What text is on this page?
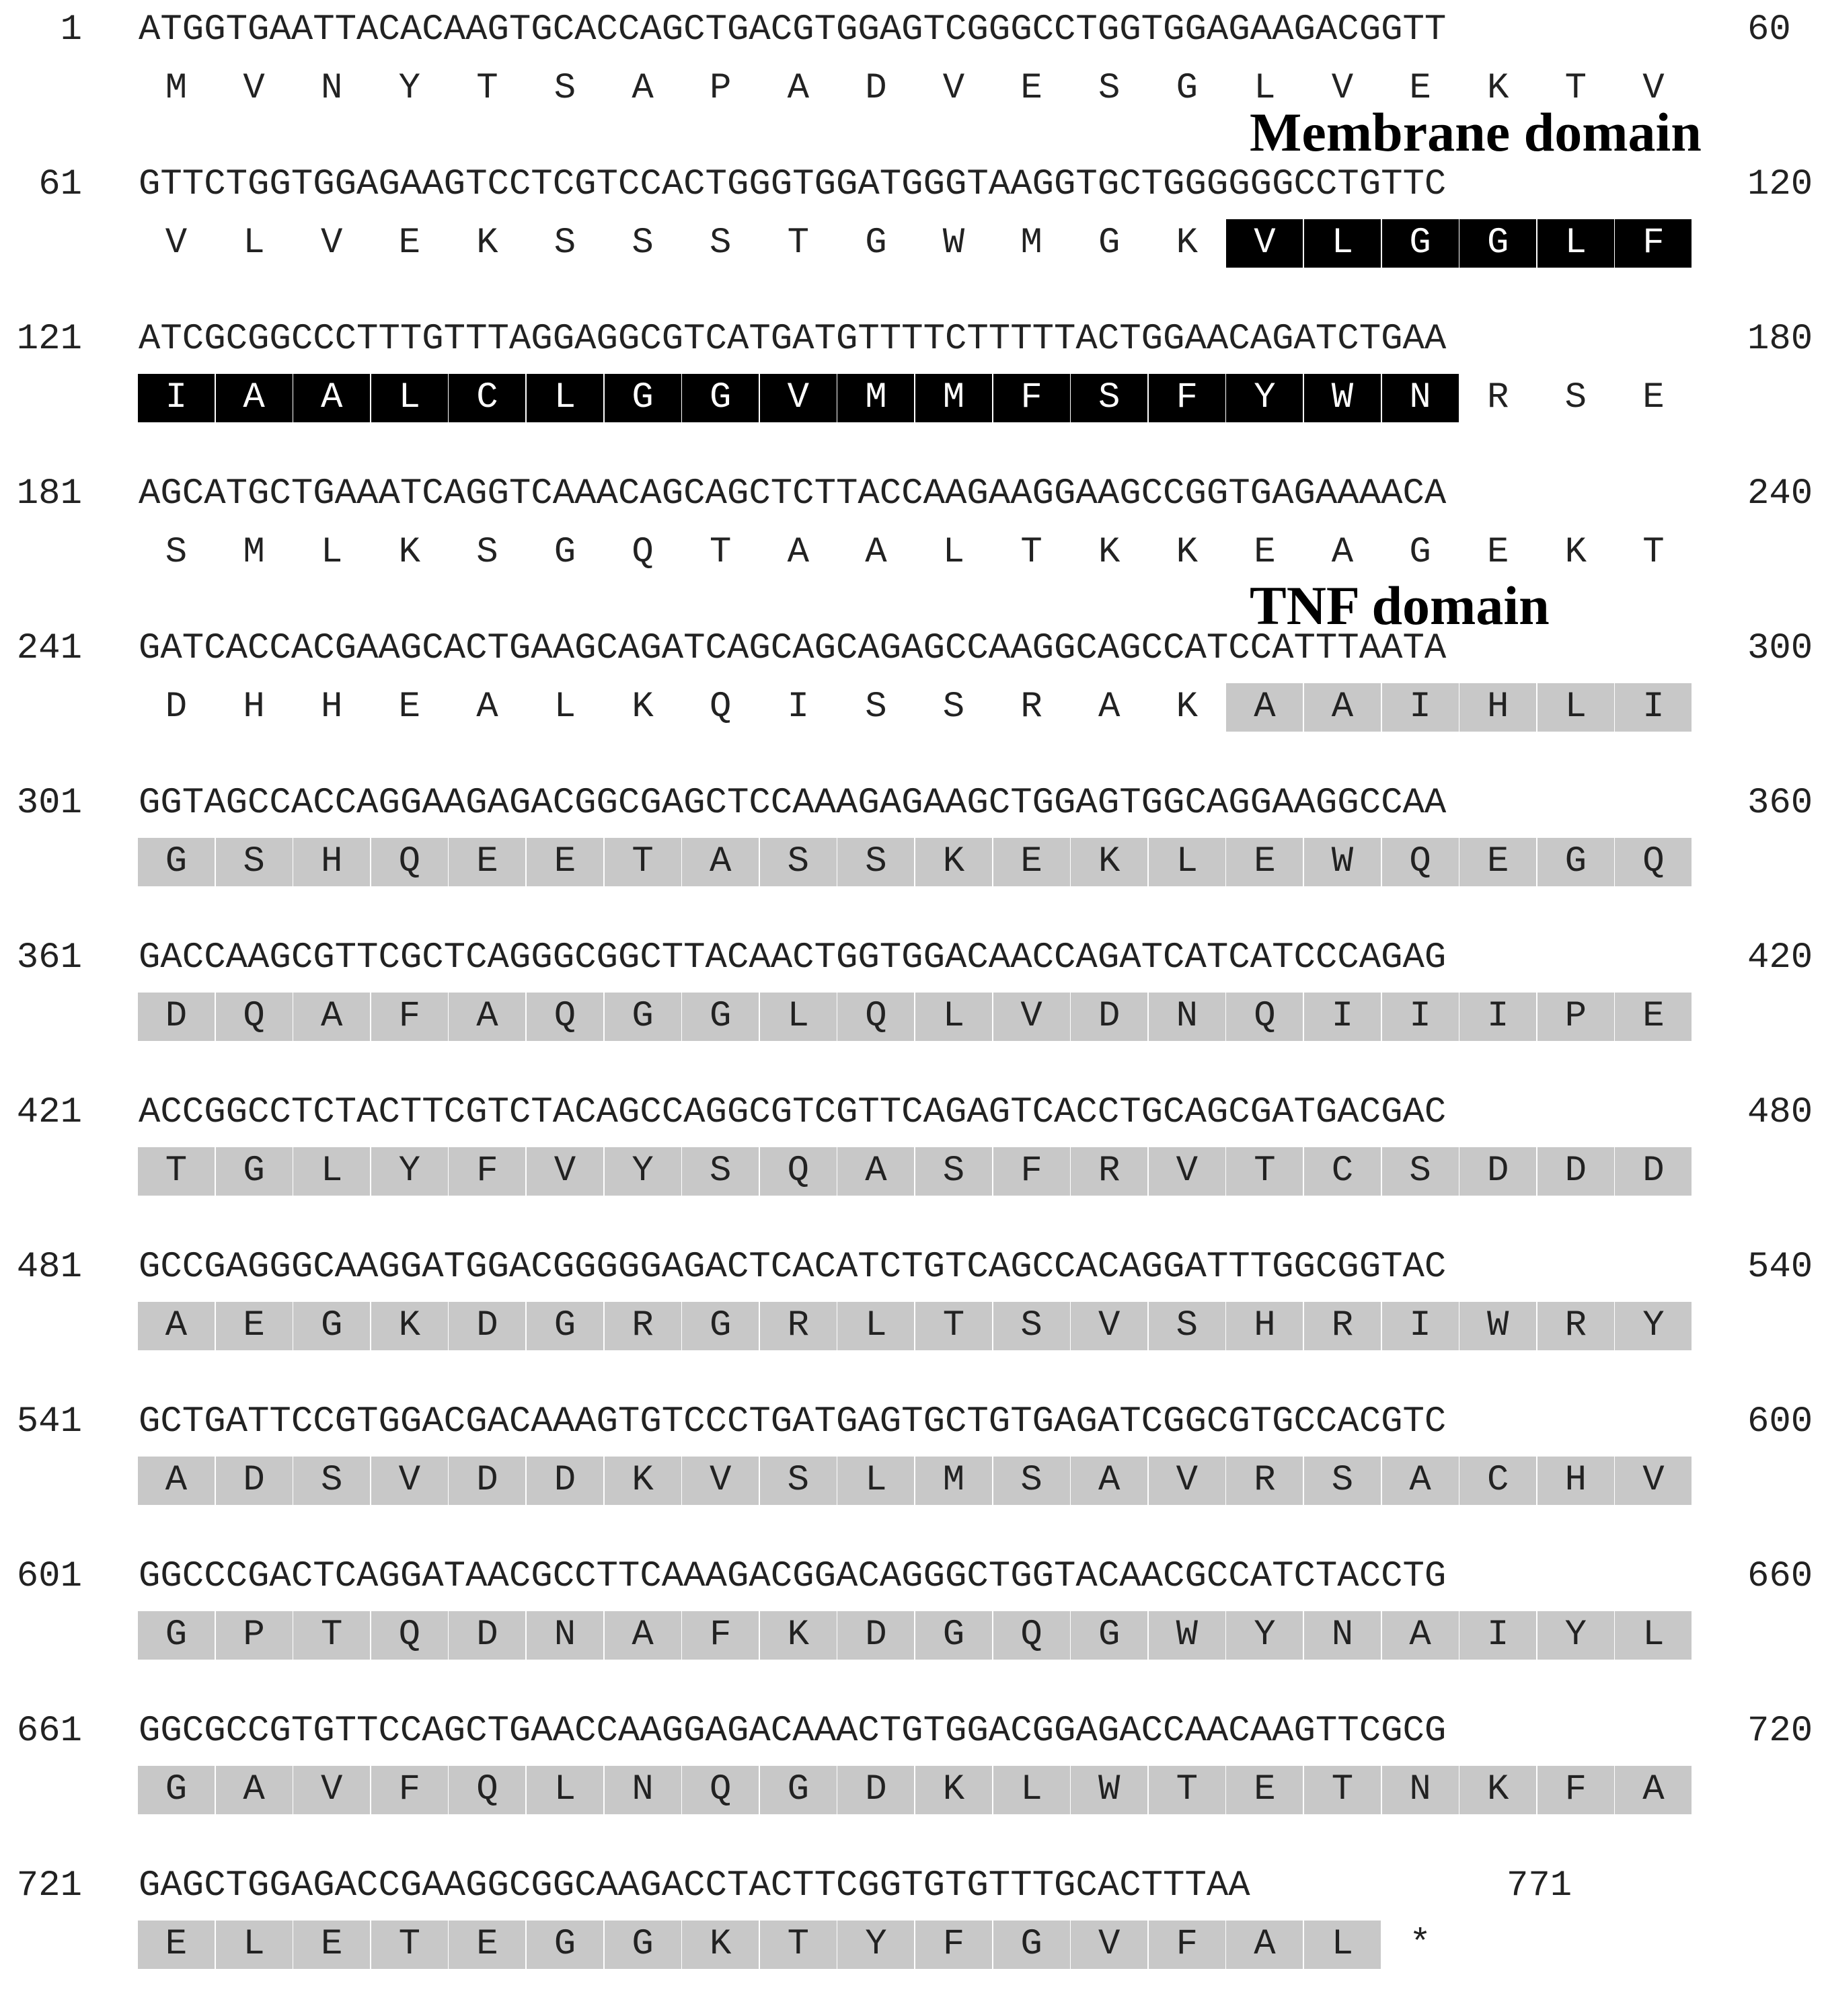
1 ATGGTGAATTACACAAGTGCACCAGCTGACGTGGAGTCGGGCCTGGTGGAGAAGACGGTT	60
M	V	N	Y	T	S	A	P	A	D	V	E	S	G	L	V	E	K	T	V
61 GTTCTGGTGGAGAAGTCCTCGTCCACTGGGTGGATGGGTAAGGTGCTGGGGGGCCTGTTC	120
V	L	V	E	K	S	S	S	T	G	W	M	G	K	V	L	G	G	L	F
121 ATCGCGGCCCTTTGTTTAGGAGGCGTCATGATGTTTTCTTTTTACTGGAACAGATCTGAA	180
I	A	A	L	C	L	G	G	V	M	M	F	S	F	Y	W	N	R	S	E
181 AGCATGCTGAAATCAGGTCAAACAGCAGCTCTTACCAAGAAGGAAGCCGGTGAGAAAACA	240
S	M	L	K	S	G	Q	T	A	A	L	T	K	K	E	A	G	E	K	T
241 GATCACCACGAAGCACTGAAGCAGATCAGCAGCAGAGCCAAGGCAGCCATCCATTTAATA	300
D	H	H	E	A	L	K	Q	I	S	S	R	A	K	A	A	I	H	L	I
301 GGTAGCCACCAGGAAGAGACGGCGAGCTCCAAAGAGAAGCTGGAGTGGCAGGAAGGCCAA	360
G	S	H	Q	E	E	T	A	S	S	K	E	K	L	E	W	Q	E	G	Q
361 GACCAAGCGTTCGCTCAGGGCGGCTTACAACTGGTGGACAACCAGATCATCATCCCAGAG	420
D	Q	A	F	A	Q	G	G	L	Q	L	V	D	N	Q	I	I	I	P	E
421 ACCGGCCTCTACTTCGTCTACAGCCAGGCGTCGTTCAGAGTCACCTGCAGCGATGACGAC	480
T	G	L	Y	F	V	Y	S	Q	A	S	F	R	V	T	C	S	D	D	D
481 GCCGAGGGCAAGGATGGACGGGGGAGACTCACATCTGTCAGCCACAGGATTTGGCGGTAC	540
A	E	G	K	D	G	R	G	R	L	T	S	V	S	H	R	I	W	R	Y
541 GCTGATTCCGTGGACGACAAAGTGTCCCTGATGAGTGCTGTGAGATCGGCGTGCCACGTC	600
A	D	S	V	D	D	K	V	S	L	M	S	A	V	R	S	A	C	H	V
601 GGCCCGACTCAGGATAACGCCTTCAAAGACGGACAGGGCTGGTACAACGCCATCTACCTG	660
G	P	T	Q	D	N	A	F	K	D	G	Q	G	W	Y	N	A	I	Y	L
661 GGCGCCGTGTTCCAGCTGAACCAAGGAGACAAACTGTGGACGGAGACCAACAAGTTCGCG	720
G	A	V	F	Q	L	N	Q	G	D	K	L	W	T	E	T	N	K	F	A
721 GAGCTGGAGACCGAAGGCGGCAAGACCTACTTCGGTGTGTTTGCACTTTAA	771
E	L	E	T	E	G	G	K	T	Y	F	G	V	F	A	L	*
Membrane domain
TNF domain
